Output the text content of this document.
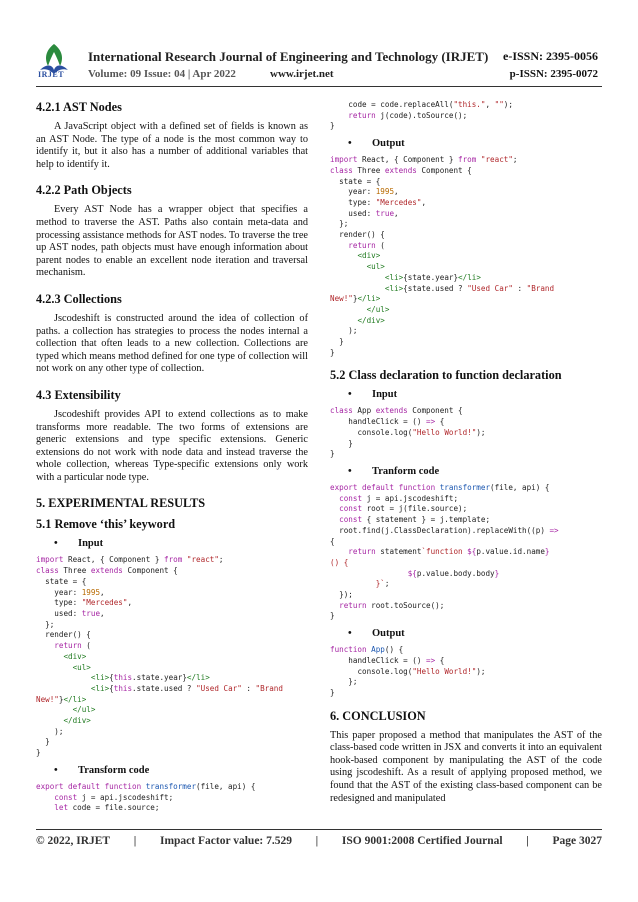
IRJET
International Research Journal of Engineering and Technology (IRJET) e-ISSN: 2395-0056
Volume: 09 Issue: 04 | Apr 2022	www.irjet.net	p-ISSN: 2395-0072
4.2.1 AST Nodes

A JavaScript object with a defined set of fields is known as an AST Node. The type of a node is the most common way to identify it, but it also has a number of additional variables that help to identify it.

4.2.2 Path Objects

Every AST Node has a wrapper object that specifies a method to traverse the AST. Paths also contain meta-data and processing assistance methods for AST nodes. To traverse the tree up AST nodes, path objects must have enough information about parent nodes to enable an excellent node iteration and traversal mechanism.

4.2.3 Collections

Jscodeshift is constructed around the idea of collection of paths. a collection has strategies to process the nodes internal a collection that often leads to a new collection. Collections are typed which means method defined for one type of collection will not work on any other type of collection.

4.3 Extensibility

Jscodeshift provides API to extend collections as to make transforms more readable. The two forms of extensions are generic extensions and type specific extensions. Generic extensions do not work with node data and instead traverse the whole collection, whereas Type-specific extensions only work with a particular node type.

5. EXPERIMENTAL RESULTS
5.1 Remove ‘this’ keyword
• Input
import React, { Component } from "react";
class Three extends Component {
state = {
year: 1995,
type: "Mercedes",
used: true,
};
render() {
return (
<div>
<ul>
<li>{this.state.year}</li>
<li>{this.state.used ? "Used Car" : "Brand
New!"}</li>
</ul>
</div>
);
}
}
• Transform code
export default function transformer(file, api) {
const j = api.jscodeshift;
let code = file.source;
code = code.replaceAll("this.", "");
return j(code).toSource();
}
• Output
import React, { Component } from "react";
class Three extends Component {
state = {
year: 1995,
type: "Mercedes",
used: true,
};
render() {
return (
<div>
<ul>
<li>{state.year}</li>
<li>{state.used ? "Used Car" : "Brand
New!"}</li>
</ul>
</div>
);
}
}
5.2 Class declaration to function declaration
• Input
class App extends Component {
handleClick = () => {
console.log("Hello World!");
}
}
• Tranform code
export default function transformer(file, api) {
const j = api.jscodeshift;
const root = j(file.source);
const { statement } = j.template;
root.find(j.ClassDeclaration).replaceWith((p) =>
{
return statement`function ${p.value.id.name}
() {
${p.value.body.body}
}`;
});
return root.toSource();
}
• Output
function App() {
handleClick = () => {
console.log("Hello World!");
};
}
6. CONCLUSION

This paper proposed a method that manipulates the AST of the class-based code written in JSX and converts it into an equivalent hook-based component by manipulating the AST of the code using jscodeshift. As a result of applying proposed method, we found that the AST of the existing class-based component can be redesigned and manipulated

© 2022, IRJET | Impact Factor value: 7.529 | ISO 9001:2008 Certified Journal | Page 3027
